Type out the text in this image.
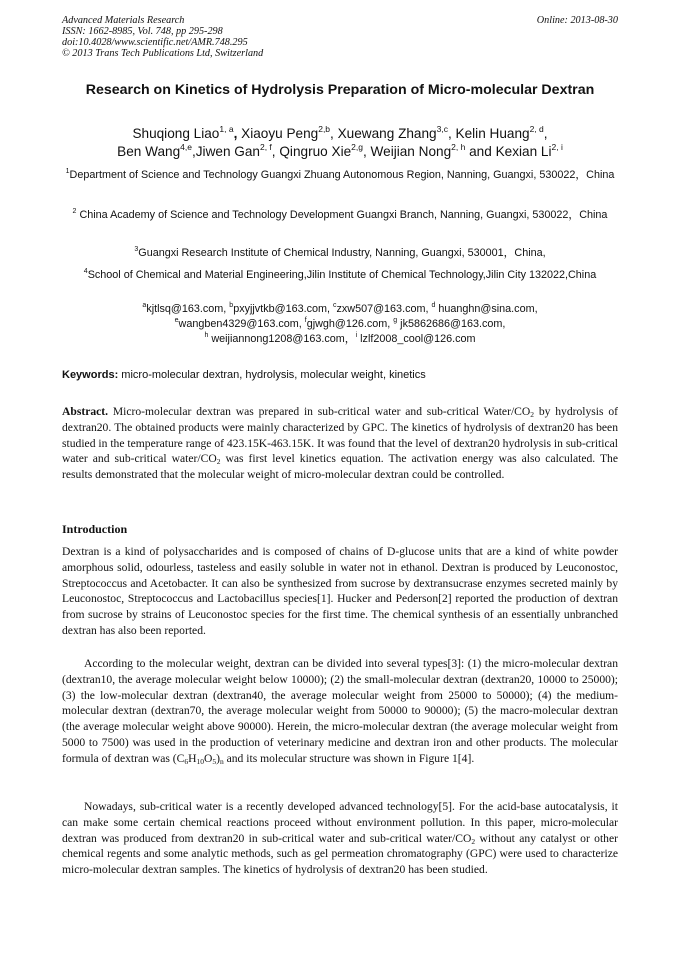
Advanced Materials Research
ISSN: 1662-8985, Vol. 748, pp 295-298
doi:10.4028/www.scientific.net/AMR.748.295
© 2013 Trans Tech Publications Ltd, Switzerland
Online: 2013-08-30
Research on Kinetics of Hydrolysis Preparation of Micro-molecular Dextran
Shuqiong Liao$^{1, a}$, Xiaoyu Peng$^{2,b}$, Xuewang Zhang$^{3,c}$, Kelin Huang$^{2, d}$,
Ben Wang$^{4,e}$,Jiwen Gan$^{2, f}$, Qingruo Xie$^{2,g}$, Weijian Nong$^{2, h}$ and Kexian Li$^{2, i}$
$^1$Department of Science and Technology Guangxi Zhuang Autonomous Region, Nanning, Guangxi, 530022，China
$^2$ China Academy of Science and Technology Development Guangxi Branch, Nanning, Guangxi, 530022，China
$^3$Guangxi Research Institute of Chemical Industry, Nanning, Guangxi, 530001，China,
$^4$School of Chemical and Material Engineering,Jilin Institute of Chemical Technology,Jilin City 132022,China
$^a$kjtlsq@163.com, $^b$pxyjjvtkb@163.com, $^c$zxw507@163.com, $^d$ huanghn@sina.com,
$^e$wangben4329@163.com, $^f$gjwgh@126.com, $^g$ jk5862686@163.com,
$^h$ weijiannong1208@163.com，$^i$ lzlf2008_cool@126.com
Keywords: micro-molecular dextran, hydrolysis, molecular weight, kinetics
Abstract. Micro-molecular dextran was prepared in sub-critical water and sub-critical Water/$CO_2$ by hydrolysis of dextran20. The obtained products were mainly characterized by GPC. The kinetics of hydrolysis of dextran20 has been studied in the temperature range of 423.15K-463.15K. It was found that the level of dextran20 hydrolysis in sub-critical water and sub-critical water/$CO_2$ was first level kinetics equation. The activation energy was also calculated. The results demonstrated that the molecular weight of micro-molecular dextran could be controlled.
Introduction
Dextran is a kind of polysaccharides and is composed of chains of D-glucose units that are a kind of white powder amorphous solid, odourless, tasteless and easily soluble in water not in ethanol. Dextran is produced by Leuconostoc, Streptococcus and Acetobacter. It can also be synthesized from sucrose by dextransucrase enzymes secreted mainly by Leuconostoc, Streptococcus and Lactobacillus species[1]. Hucker and Pederson[2] reported the production of dextran from sucrose by strains of Leuconostoc species for the first time. The chemical synthesis of an essentially unbranched dextran has also been reported.
According to the molecular weight, dextran can be divided into several types[3]: (1) the micro-molecular dextran (dextran10, the average molecular weight below 10000); (2) the small-molecular dextran (dextran20, 10000 to 25000); (3) the low-molecular dextran (dextran40, the average molecular weight from 25000 to 50000); (4) the medium-molecular dextran (dextran70, the average molecular weight from 50000 to 90000); (5) the macro-molecular dextran (the average molecular weight above 90000). Herein, the micro-molecular dextran (the average molecular weight from 5000 to 7500) was used in the production of veterinary medicine and dextran iron and other products. The molecular formula of dextran was $(C_6H_{10}O_5)_n$ and its molecular structure was shown in Figure 1[4].
Nowadays, sub-critical water is a recently developed advanced technology[5]. For the acid-base autocatalysis, it can make some certain chemical reactions proceed without environment pollution. In this paper, micro-molecular dextran was produced from dextran20 in sub-critical water and sub-critical water/$CO_2$ without any catalyst or other chemical regents and some analytic methods, such as gel permeation chromatography (GPC) were used to characterize micro-molecular dextran samples. The kinetics of hydrolysis of dextran20 has been studied.
